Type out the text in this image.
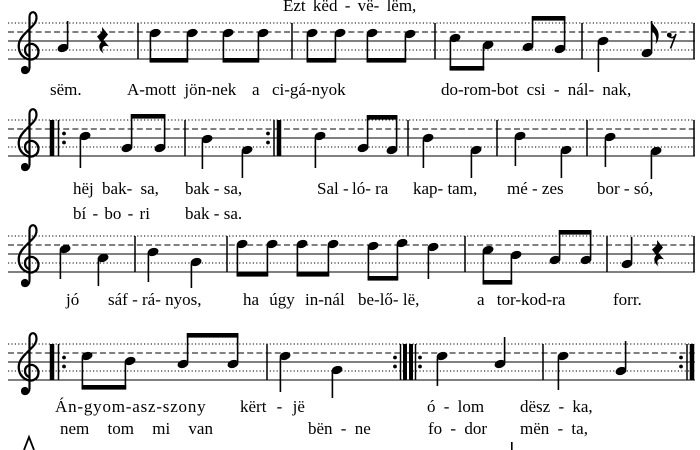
Ezt këd - vë- lëm,
sëm.	A-mott jön-nek a ci-gá-nyok	do-rom-bot csi - nál- nak,
hëj bak- sa, bak - sa,	Sal - ló- ra kap- tam, mé - zes bor - só,
bí - bo - ri bak - sa.
jó sáf - rá- nyos, ha úgy in-nál be-lő- lë,	a tor-kod-ra	forr.
Án-gyom-asz-szony kërt - jë	ó - lom dësz - ka,
nem tom mi van	bën - ne	fo - dor mën - ta,
